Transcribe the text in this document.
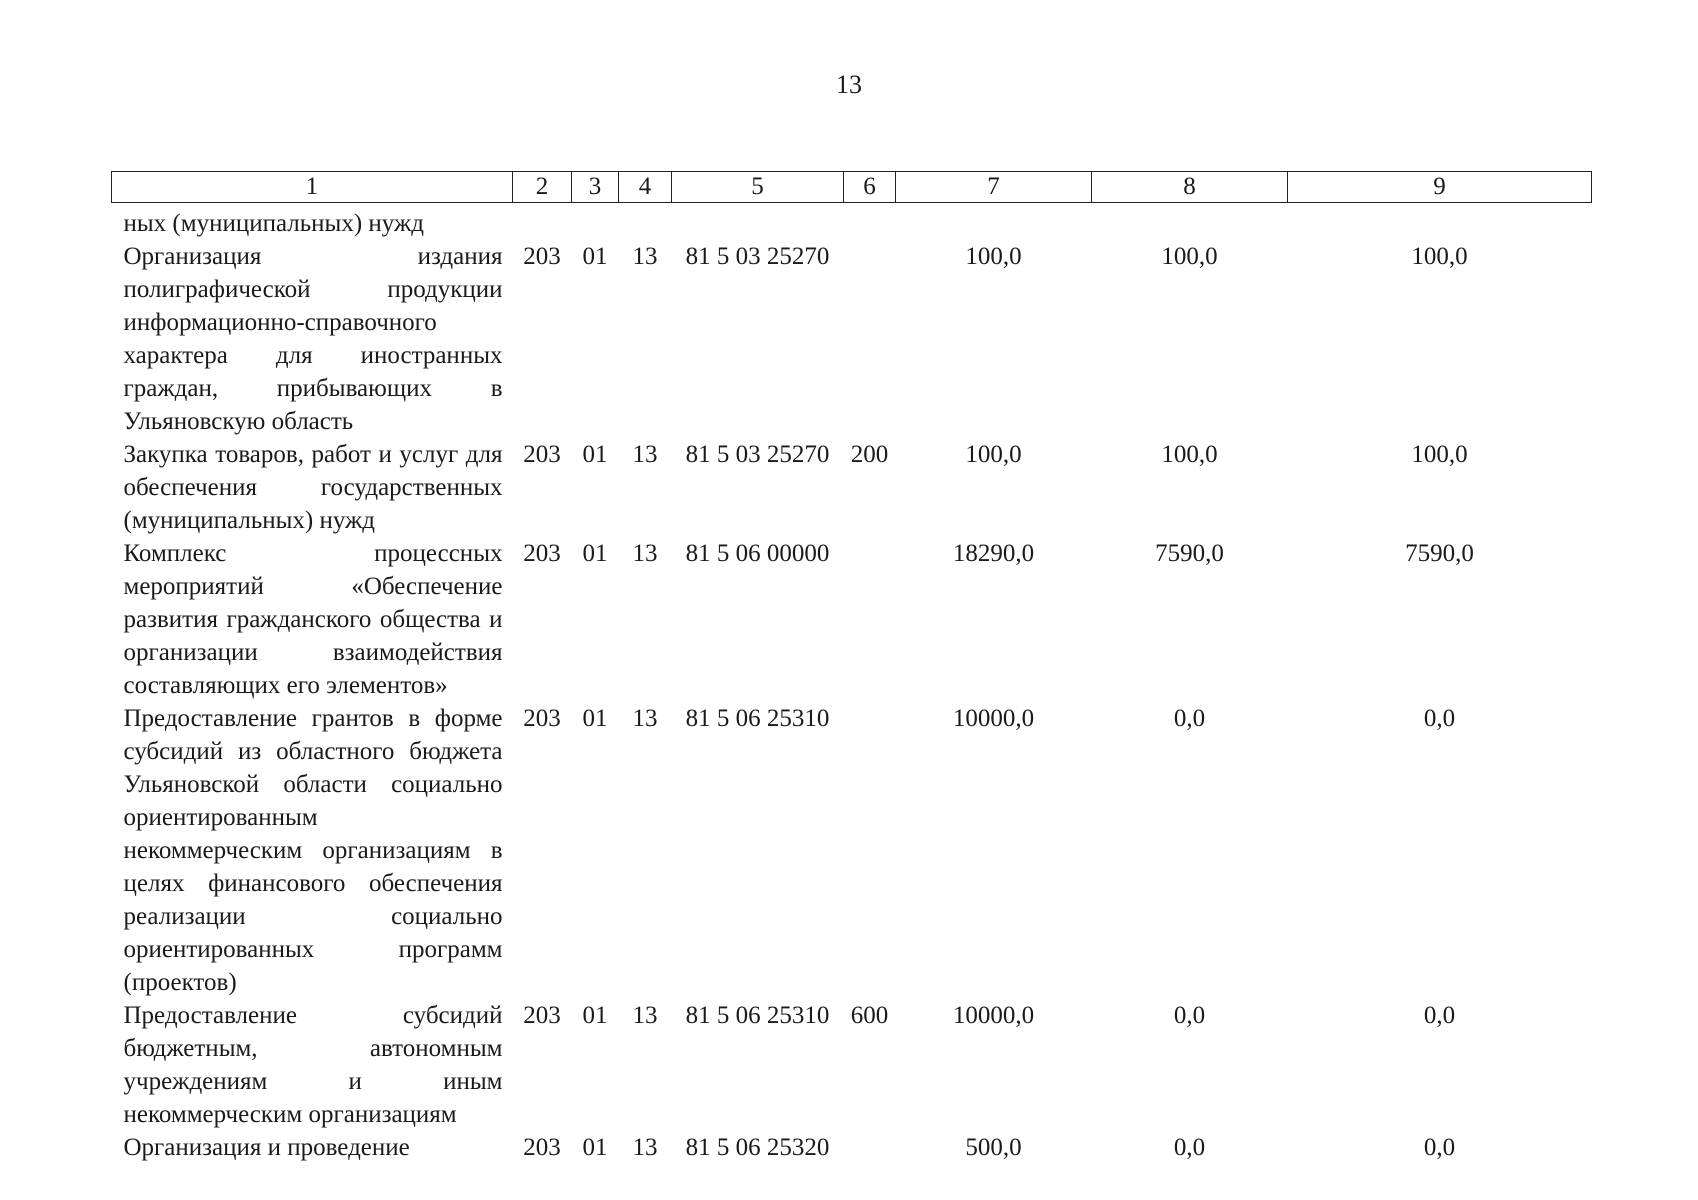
13
1	2	3	4	5	6	7	8	9
ных (муниципальных) нужд								
Организация издания полиграфической продукции информационно-справочного характера для иностранных граждан, прибывающих в Ульяновскую область	203	01	13	81 5 03 25270		100,0	100,0	100,0
Закупка товаров, работ и услуг для обеспечения государственных (муниципальных) нужд	203	01	13	81 5 03 25270	200	100,0	100,0	100,0
Комплекс процессных мероприятий «Обеспечение развития гражданского общества и организации взаимодействия составляющих его элементов»	203	01	13	81 5 06 00000		18290,0	7590,0	7590,0
Предоставление грантов в форме субсидий из областного бюджета Ульяновской области социально ориентированным некоммерческим организациям в целях финансового обеспечения реализации социально ориентированных программ (проектов)	203	01	13	81 5 06 25310		10000,0	0,0	0,0
Предоставление субсидий бюджетным, автономным учреждениям и иным некоммерческим организациям	203	01	13	81 5 06 25310	600	10000,0	0,0	0,0
Организация и проведение	203	01	13	81 5 06 25320		500,0	0,0	0,0
